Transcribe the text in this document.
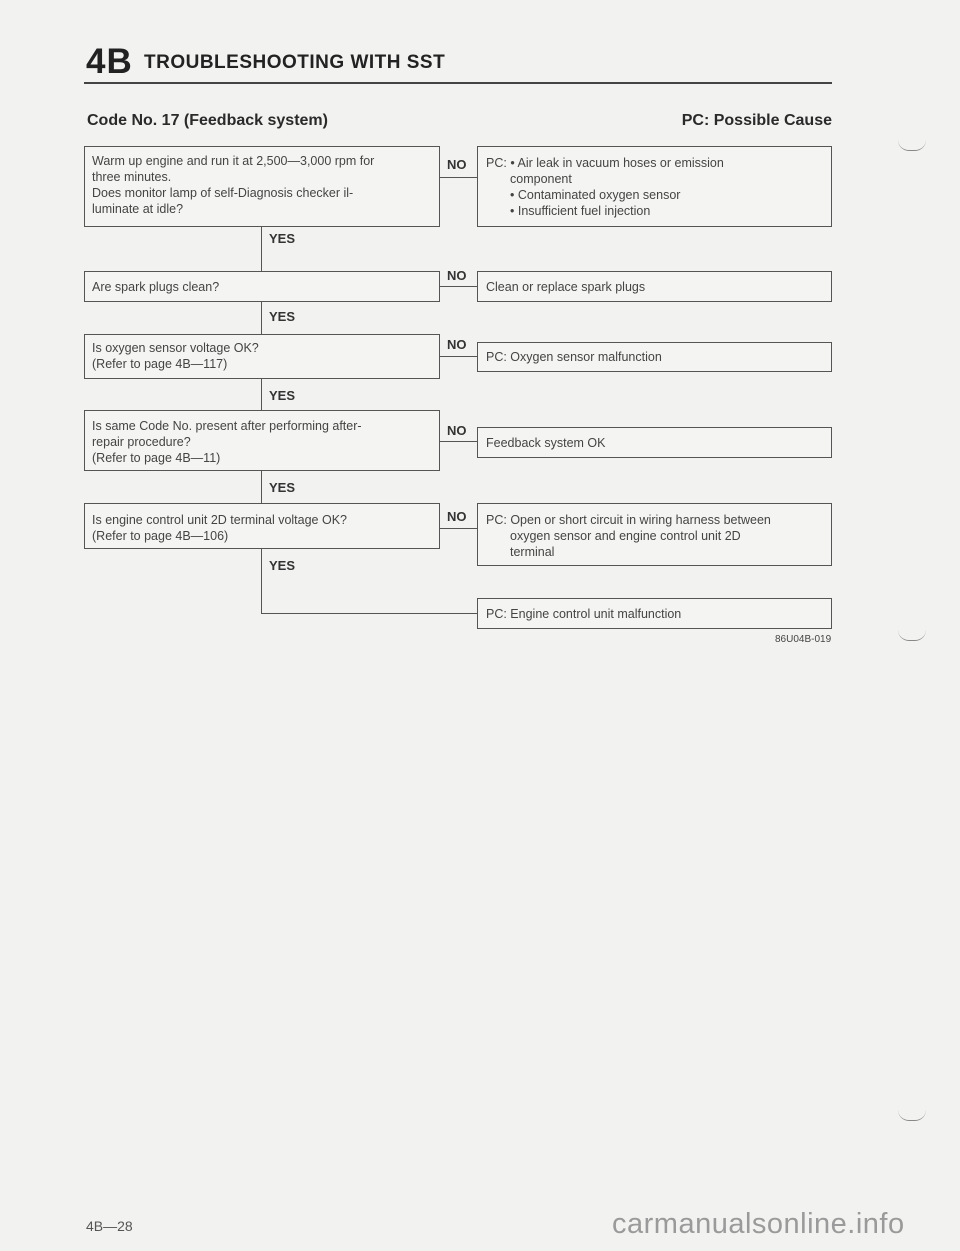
4B TROUBLESHOOTING WITH SST
Code No. 17 (Feedback system)	PC: Possible Cause
Warm up engine and run it at 2,500—3,000 rpm for
three minutes.
Does monitor lamp of self-Diagnosis checker il-
luminate at idle?
NO PC: • Air leak in vacuum hoses or emission
component
• Contaminated oxygen sensor
• Insufficient fuel injection
YES
Are spark plugs clean?
NO
Clean or replace spark plugs
YES
Is oxygen sensor voltage OK?
(Refer to page 4B—117)
NO
PC: Oxygen sensor malfunction
YES
Is same Code No. present after performing after-
repair procedure?
(Refer to page 4B—11)
NO
Feedback system OK
YES
Is engine control unit 2D terminal voltage OK?
(Refer to page 4B—106)
NO PC: Open or short circuit in wiring harness between
oxygen sensor and engine control unit 2D
terminal
YES
PC: Engine control unit malfunction
86U04B-019
4B—28	carmanualsonline.info
